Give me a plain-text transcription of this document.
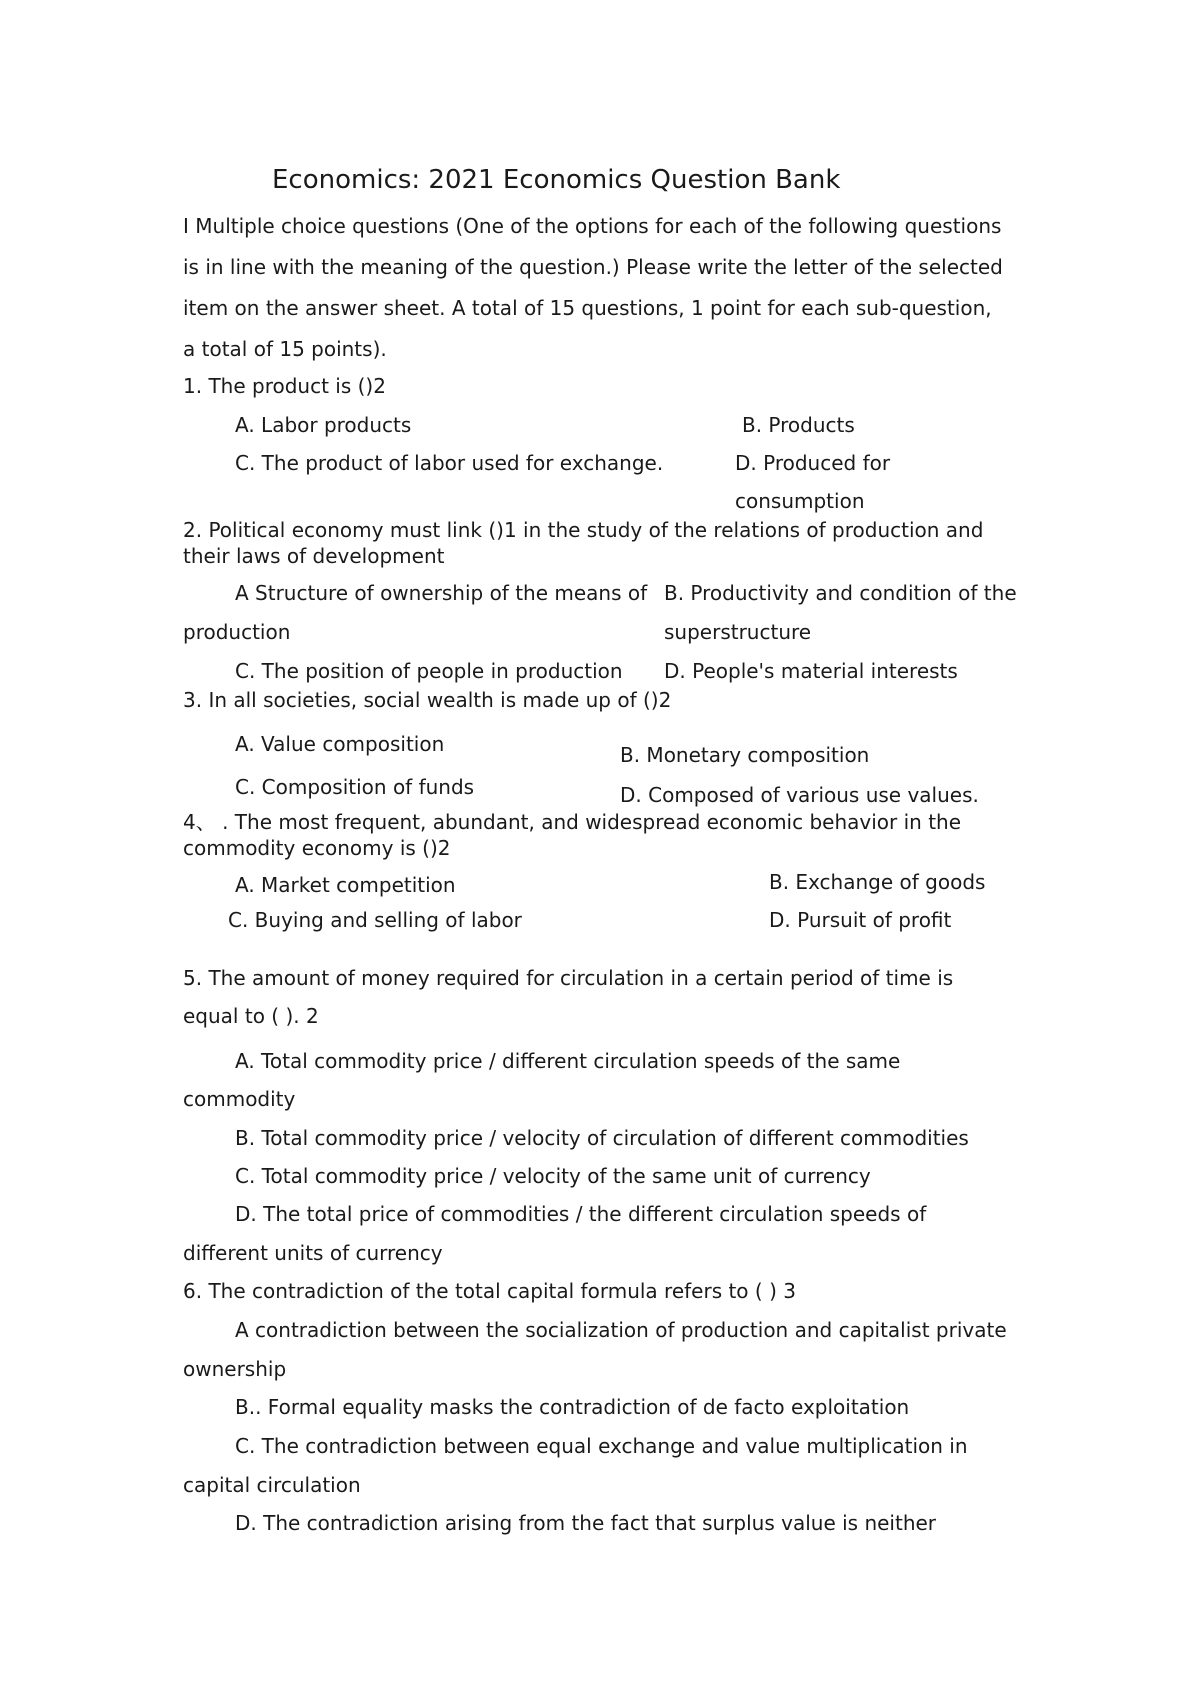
Economics: 2021 Economics Question Bank
I Multiple choice questions (One of the options for each of the following questions
is in line with the meaning of the question.) Please write the letter of the selected
item on the answer sheet. A total of 15 questions, 1 point for each sub-question,
a total of 15 points).
1. The product is ()2
A. Labor products	B. Products
C. The product of labor used for exchange.	D. Produced for
consumption
2. Political economy must link ()1 in the study of the relations of production and
their laws of development
A Structure of ownership of the means of B. Productivity and condition of the
production	superstructure
C. The position of people in production D. People's material interests
3. In all societies, social wealth is made up of ()2
A. Value composition	B. Monetary composition
C. Composition of funds	D. Composed of various use values.
4、 . The most frequent, abundant, and widespread economic behavior in the
commodity economy is ()2
A. Market competition	B. Exchange of goods
C. Buying and selling of labor	D. Pursuit of profit
5. The amount of money required for circulation in a certain period of time is
equal to ( ). 2
A. Total commodity price / different circulation speeds of the same
commodity
B. Total commodity price / velocity of circulation of different commodities
C. Total commodity price / velocity of the same unit of currency
D. The total price of commodities / the different circulation speeds of
different units of currency
6. The contradiction of the total capital formula refers to ( ) 3
A contradiction between the socialization of production and capitalist private
ownership
B.. Formal equality masks the contradiction of de facto exploitation
C. The contradiction between equal exchange and value multiplication in
capital circulation
D. The contradiction arising from the fact that surplus value is neither
